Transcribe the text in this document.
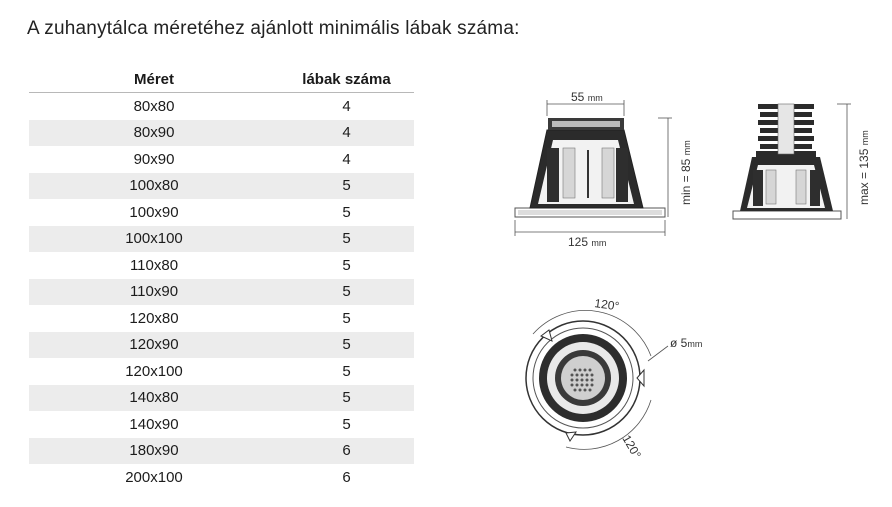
A zuhanytálca méretéhez ajánlott minimális lábak száma:
Méret	lábak száma
80x80	4
80x90	4
90x90	4
100x80	5
100x90	5
100x100	5
110x80	5
110x90	5
120x80	5
120x90	5
120x100	5
140x80	5
140x90	5
180x90	6
200x100	6
55 mm
125 mm
min = 85 mm
max = 135 mm
120°
120°
ø 5mm
